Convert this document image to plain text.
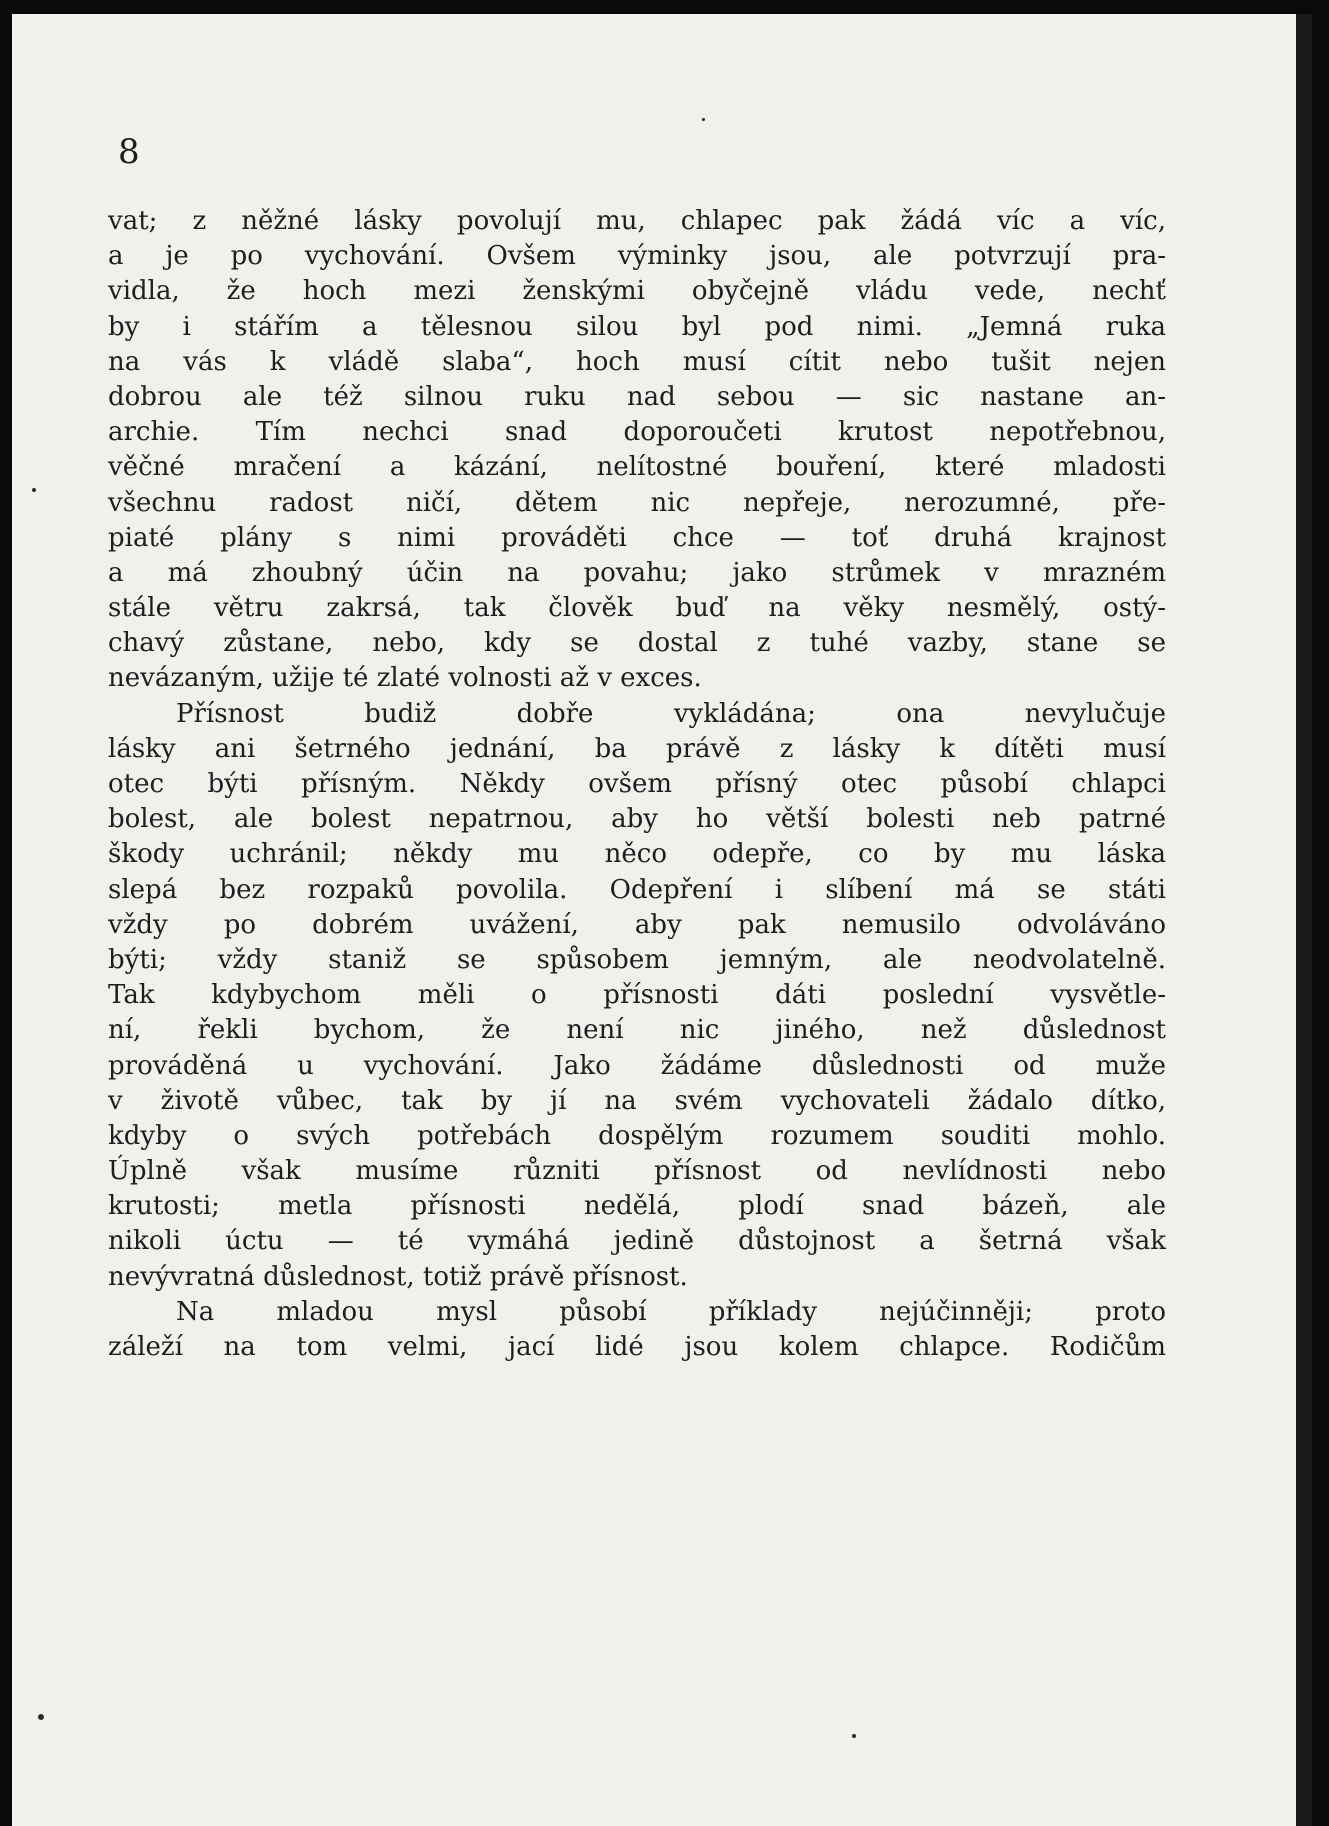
8
vat; z něžné lásky povolují mu, chlapec pak žádá víc a víc,
a je po vychování. Ovšem výminky jsou, ale potvrzují pra-
vidla, že hoch mezi ženskými obyčejně vládu vede, nechť
by i stářím a tělesnou silou byl pod nimi. „Jemná ruka
na vás k vládě slaba“, hoch musí cítit nebo tušit nejen
dobrou ale též silnou ruku nad sebou — sic nastane an-
archie. Tím nechci snad doporoučeti krutost nepotřebnou,
věčné mračení a kázání, nelítostné bouření, které mladosti
všechnu radost ničí, dětem nic nepřeje, nerozumné, pře-
piaté plány s nimi prováděti chce — toť druhá krajnost
a má zhoubný účin na povahu; jako strůmek v mrazném
stále větru zakrsá, tak člověk buď na věky nesmělý, ostý-
chavý zůstane, nebo, kdy se dostal z tuhé vazby, stane se
nevázaným, užije té zlaté volnosti až v exces.
Přísnost budiž dobře vykládána; ona nevylučuje
lásky ani šetrného jednání, ba právě z lásky k dítěti musí
otec býti přísným. Někdy ovšem přísný otec působí chlapci
bolest, ale bolest nepatrnou, aby ho větší bolesti neb patrné
škody uchránil; někdy mu něco odepře, co by mu láska
slepá bez rozpaků povolila. Odepření i slíbení má se státi
vždy po dobrém uvážení, aby pak nemusilo odvoláváno
býti; vždy staniž se spůsobem jemným, ale neodvolatelně.
Tak kdybychom měli o přísnosti dáti poslední vysvětle-
ní, řekli bychom, že není nic jiného, než důslednost
prováděná u vychování. Jako žádáme důslednosti od muže
v životě vůbec, tak by jí na svém vychovateli žádalo dítko,
kdyby o svých potřebách dospělým rozumem souditi mohlo.
Úplně však musíme různiti přísnost od nevlídnosti nebo
krutosti; metla přísnosti nedělá, plodí snad bázeň, ale
nikoli úctu — té vymáhá jedině důstojnost a šetrná však
nevývratná důslednost, totiž právě přísnost.
Na mladou mysl působí příklady nejúčinněji; proto
záleží na tom velmi, jací lidé jsou kolem chlapce. Rodičům
